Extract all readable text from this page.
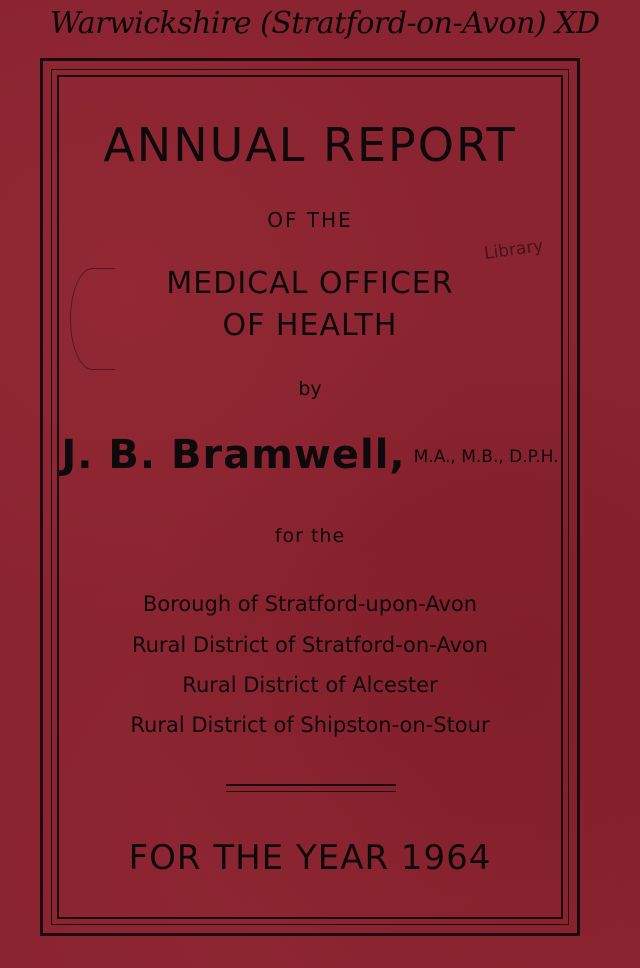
Warwickshire (Stratford-on-Avon) XD
Library
ANNUAL REPORT
OF THE
MEDICAL OFFICER
OF HEALTH
by
J. B. Bramwell, M.A., M.B., D.P.H.
for the
Borough of Stratford-upon-Avon
Rural District of Stratford-on-Avon
Rural District of Alcester
Rural District of Shipston-on-Stour
FOR THE YEAR 1964
